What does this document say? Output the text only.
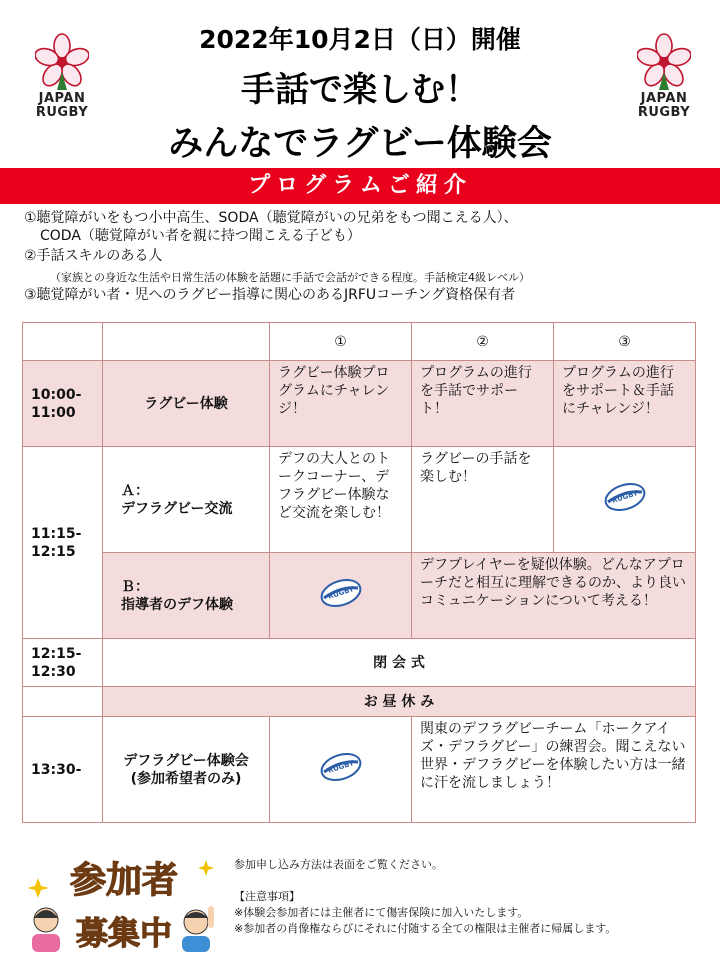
JAPAN
RUGBY
JAPAN
RUGBY
2022年10月2日（日）開催
手話で楽しむ！
みんなでラグビー体験会
プログラムご紹介
①聴覚障がいをもつ小中高生、SODA（聴覚障がいの兄弟をもつ聞こえる人）、
CODA（聴覚障がい者を親に持つ聞こえる子ども）
②手話スキルのある人
（家族との身近な生活や日常生活の体験を話題に手話で会話ができる程度。手話検定4級レベル）
③聴覚障がい者・児へのラグビー指導に関心のあるJRFUコーチング資格保有者
		①	②	③
10:00-
11:00	ラグビー体験	ラグビー体験プログラムにチャレンジ！	プログラムの進行を手話でサポート！	プログラムの進行をサポート＆手話にチャレンジ！
11:15-
12:15	Ａ：
デフラグビー交流	デフの大人とのトークコーナー、デフラグビー体験など交流を楽しむ！	ラグビーの手話を楽しむ！	RUGBY

	Ｂ：
指導者のデフ体験	RUGBY	デフプレイヤーを疑似体験。どんなアプローチだと相互に理解できるのか、より良いコミュニケーションについて考える！	
12:15-
12:30	閉 会 式			
	お 昼 休 み			
13:30-	デフラグビー体験会
(参加希望者のみ)	RUGBY	関東のデフラグビーチーム「ホークアイズ・デフラグビー」の練習会。聞こえない世界・デフラグビーを体験したい方は一緒に汗を流しましょう！	
参加者
募集中
参加申し込み方法は表面をご覧ください。
【注意事項】
※体験会参加者には主催者にて傷害保険に加入いたします。
※参加者の肖像権ならびにそれに付随する全ての権限は主催者に帰属します。
